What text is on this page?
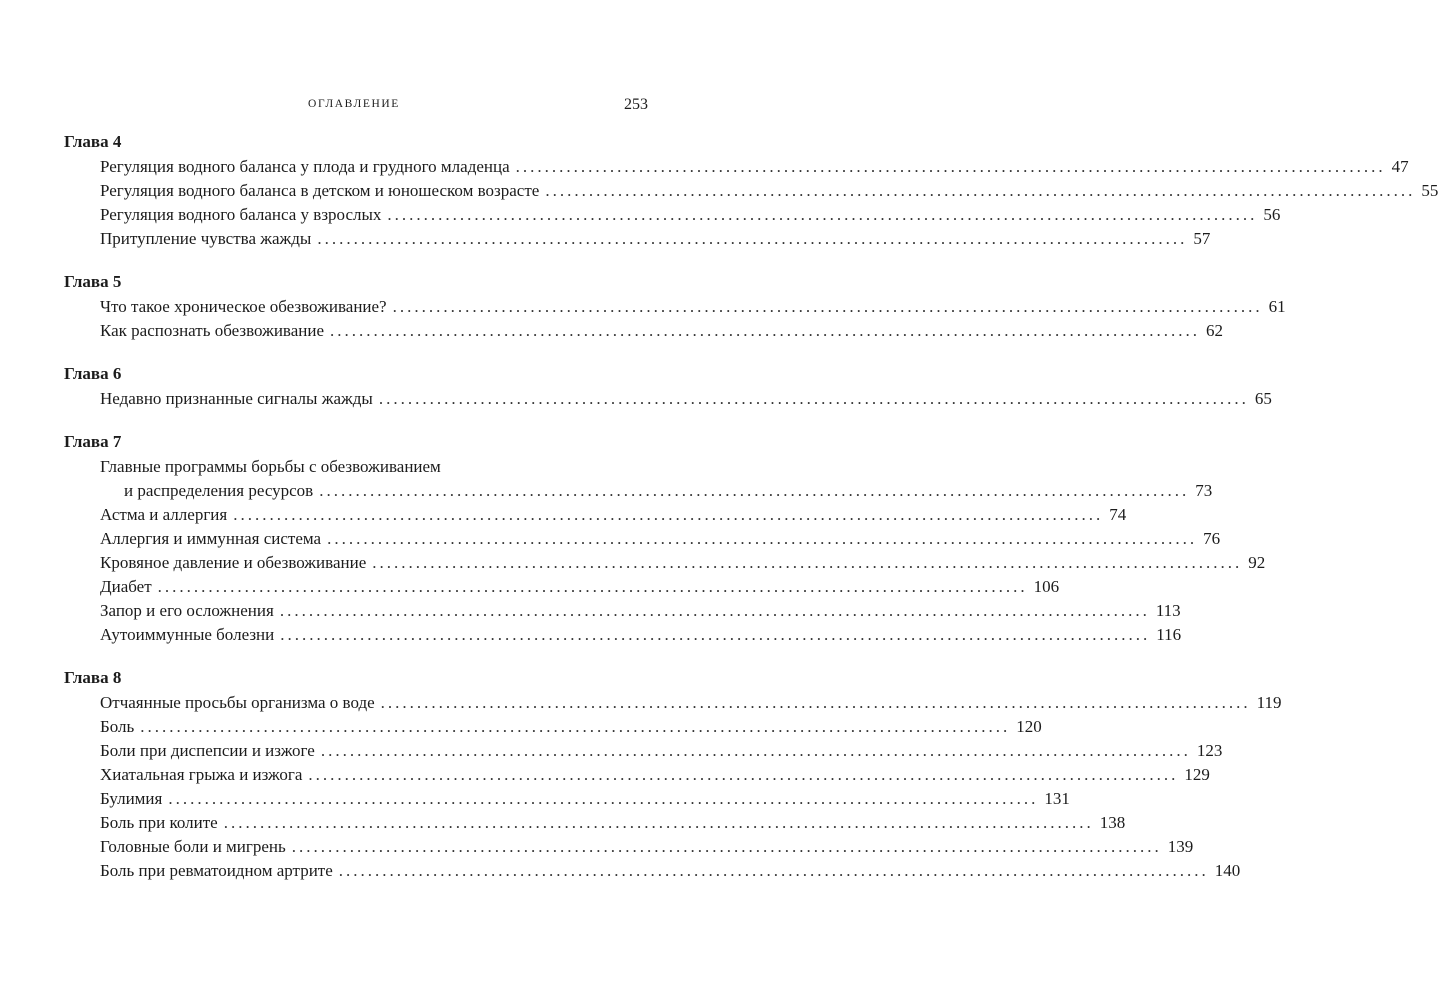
ОГЛАВЛЕНИЕ	253
Глава 4
Регуляция водного баланса у плода и грудного младенца ........................................................................................................................ 47
Регуляция водного баланса в детском и юношеском возрасте ........................................................................................................................ 55
Регуляция водного баланса у взрослых ........................................................................................................................ 56
Притупление чувства жажды ........................................................................................................................ 57
Глава 5
Что такое хроническое обезвоживание? ........................................................................................................................ 61
Как распознать обезвоживание ........................................................................................................................ 62
Глава 6
Недавно признанные сигналы жажды ........................................................................................................................ 65
Глава 7
Главные программы борьбы с обезвоживанием
и распределения ресурсов ........................................................................................................................ 73
Астма и аллергия ........................................................................................................................ 74
Аллергия и иммунная система ........................................................................................................................ 76
Кровяное давление и обезвоживание ........................................................................................................................ 92
Диабет ........................................................................................................................ 106
Запор и его осложнения ........................................................................................................................ 113
Аутоиммунные болезни ........................................................................................................................ 116
Глава 8
Отчаянные просьбы организма о воде ........................................................................................................................ 119
Боль ........................................................................................................................ 120
Боли при диспепсии и изжоге ........................................................................................................................ 123
Хиатальная грыжа и изжога ........................................................................................................................ 129
Булимия ........................................................................................................................ 131
Боль при колите ........................................................................................................................ 138
Головные боли и мигрень ........................................................................................................................ 139
Боль при ревматоидном артрите ........................................................................................................................ 140
